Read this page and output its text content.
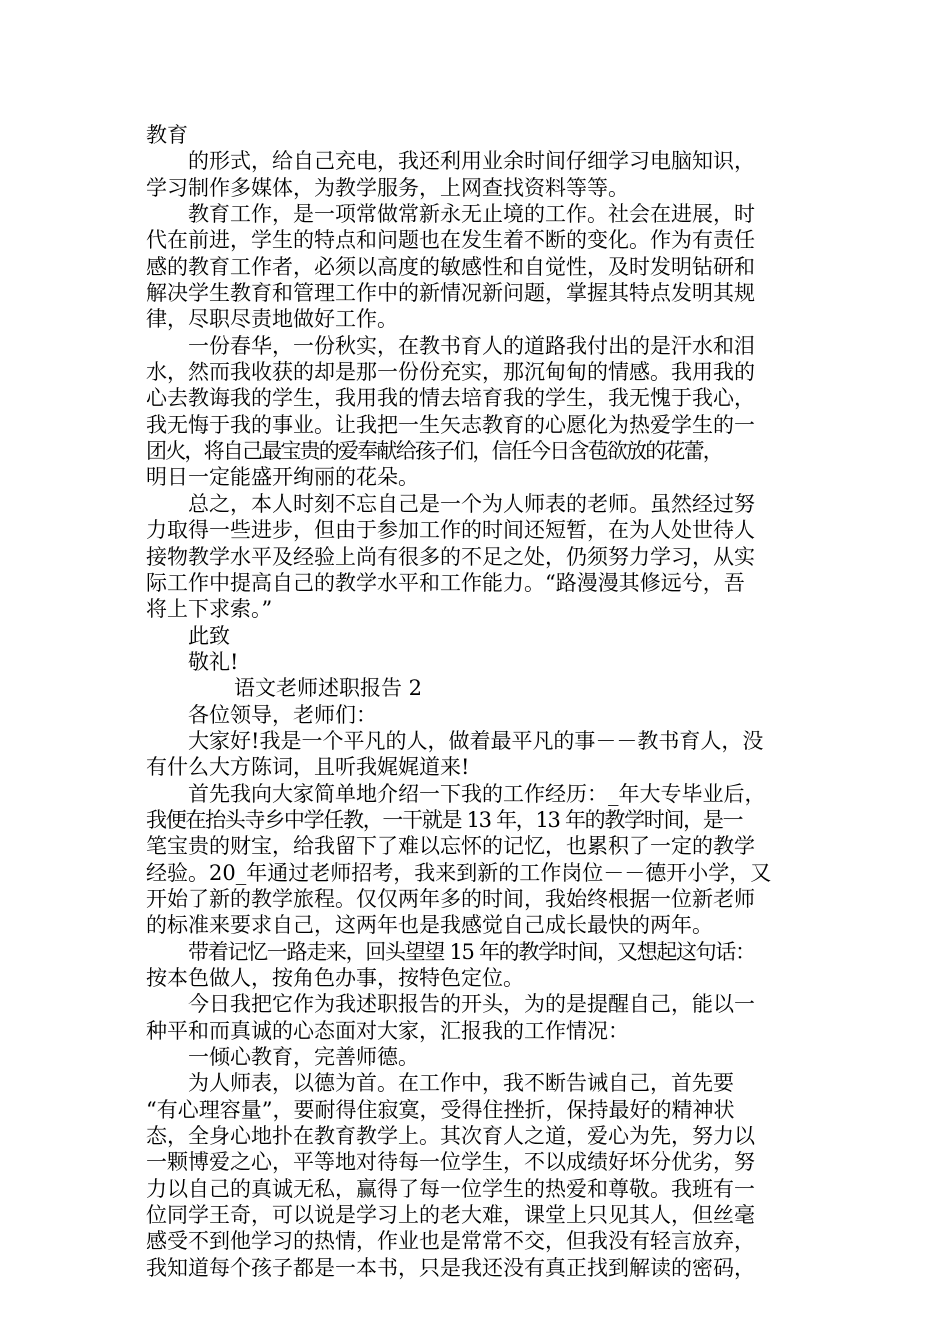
教育
的形式，给自己充电，我还利用业余时间仔细学习电脑知识，
学习制作多媒体，为教学服务，上网查找资料等等。
教育工作，是一项常做常新永无止境的工作。社会在进展，时
代在前进，学生的特点和问题也在发生着不断的变化。作为有责任
感的教育工作者，必须以高度的敏感性和自觉性，及时发明钻研和
解决学生教育和管理工作中的新情况新问题，掌握其特点发明其规
律，尽职尽责地做好工作。
一份春华，一份秋实，在教书育人的道路我付出的是汗水和泪
水，然而我收获的却是那一份份充实，那沉甸甸的情感。我用我的
心去教诲我的学生，我用我的情去培育我的学生，我无愧于我心，
我无悔于我的事业。让我把一生矢志教育的心愿化为热爱学生的一
团火，将自己最宝贵的爱奉献给孩子们，信任今日含苞欲放的花蕾，
明日一定能盛开绚丽的花朵。
总之，本人时刻不忘自己是一个为人师表的老师。虽然经过努
力取得一些进步，但由于参加工作的时间还短暂，在为人处世待人
接物教学水平及经验上尚有很多的不足之处，仍须努力学习，从实
际工作中提高自己的教学水平和工作能力。“路漫漫其修远兮，吾
将上下求索。”
此致
敬礼!
语文老师述职报告 2
各位领导，老师们：
大家好!我是一个平凡的人，做着最平凡的事－－教书育人，没
有什么大方陈词，且听我娓娓道来!
首先我向大家简单地介绍一下我的工作经历：_年大专毕业后，
我便在抬头寺乡中学任教，一干就是 13 年，13 年的教学时间，是一
笔宝贵的财宝，给我留下了难以忘怀的记忆，也累积了一定的教学
经验。20_年通过老师招考，我来到新的工作岗位－－德开小学，又
开始了新的教学旅程。仅仅两年多的时间，我始终根据一位新老师
的标准来要求自己，这两年也是我感觉自己成长最快的两年。
带着记忆一路走来，回头望望 15 年的教学时间，又想起这句话：
按本色做人，按角色办事，按特色定位。
今日我把它作为我述职报告的开头，为的是提醒自己，能以一
种平和而真诚的心态面对大家，汇报我的工作情况：
一倾心教育，完善师德。
为人师表，以德为首。在工作中，我不断告诫自己，首先要
“有心理容量”，要耐得住寂寞，受得住挫折，保持最好的精神状
态，全身心地扑在教育教学上。其次育人之道，爱心为先，努力以
一颗博爱之心，平等地对待每一位学生，不以成绩好坏分优劣，努
力以自己的真诚无私，赢得了每一位学生的热爱和尊敬。我班有一
位同学王奇，可以说是学习上的老大难，课堂上只见其人，但丝毫
感受不到他学习的热情，作业也是常常不交，但我没有轻言放弃，
我知道每个孩子都是一本书，只是我还没有真正找到解读的密码，
